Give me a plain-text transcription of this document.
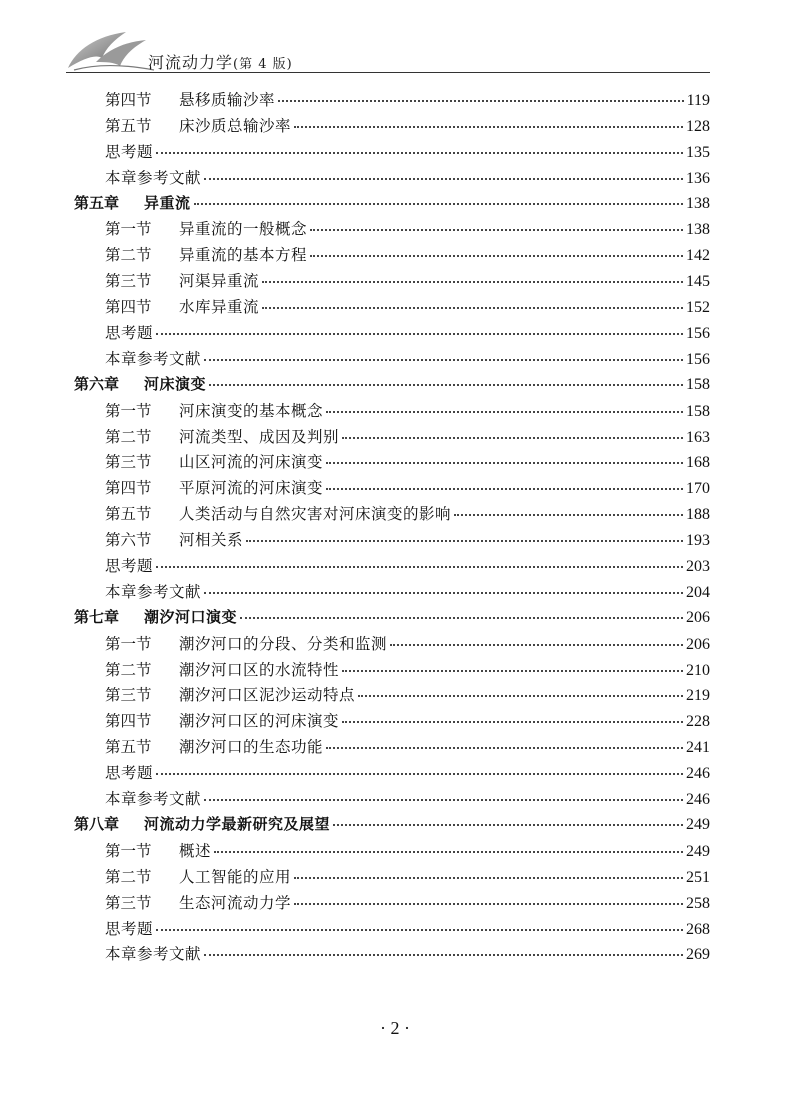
河流动力学(第 4 版)
第四节 悬移质输沙率	119
第五节 床沙质总输沙率	128
思考题	135
本章参考文献	136
第五章 异重流	138
第一节 异重流的一般概念	138
第二节 异重流的基本方程	142
第三节 河渠异重流	145
第四节 水库异重流	152
思考题	156
本章参考文献	156
第六章 河床演变	158
第一节 河床演变的基本概念	158
第二节 河流类型、成因及判别	163
第三节 山区河流的河床演变	168
第四节 平原河流的河床演变	170
第五节 人类活动与自然灾害对河床演变的影响	188
第六节 河相关系	193
思考题	203
本章参考文献	204
第七章 潮汐河口演变	206
第一节 潮汐河口的分段、分类和监测	206
第二节 潮汐河口区的水流特性	210
第三节 潮汐河口区泥沙运动特点	219
第四节 潮汐河口区的河床演变	228
第五节 潮汐河口的生态功能	241
思考题	246
本章参考文献	246
第八章 河流动力学最新研究及展望	249
第一节 概述	249
第二节 人工智能的应用	251
第三节 生态河流动力学	258
思考题	268
本章参考文献	269
· 2 ·
